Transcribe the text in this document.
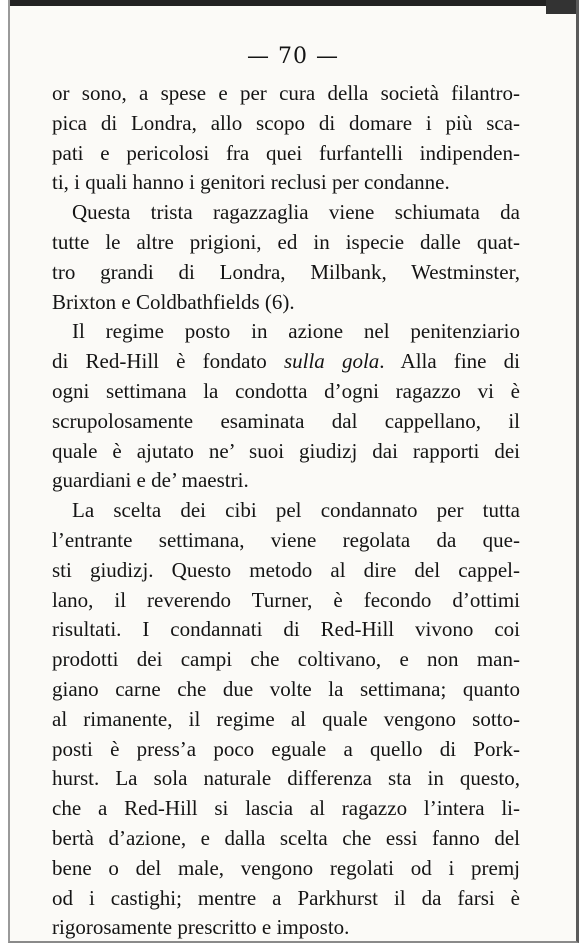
— 70 —
or sono, a spese e per cura della società filantro-
pica di Londra, allo scopo di domare i più sca-
pati e pericolosi fra quei furfantelli indipenden-
ti, i quali hanno i genitori reclusi per condanne.
Questa trista ragazzaglia viene schiumata da
tutte le altre prigioni, ed in ispecie dalle quat-
tro grandi di Londra, Milbank, Westminster,
Brixton e Coldbathfields (6).
Il regime posto in azione nel penitenziario
di Red-Hill è fondato sulla gola. Alla fine di
ogni settimana la condotta d’ogni ragazzo vi è
scrupolosamente esaminata dal cappellano, il
quale è ajutato ne’ suoi giudizj dai rapporti dei
guardiani e de’ maestri.
La scelta dei cibi pel condannato per tutta
l’entrante settimana, viene regolata da que-
sti giudizj. Questo metodo al dire del cappel-
lano, il reverendo Turner, è fecondo d’ottimi
risultati. I condannati di Red-Hill vivono coi
prodotti dei campi che coltivano, e non man-
giano carne che due volte la settimana; quanto
al rimanente, il regime al quale vengono sotto-
posti è press’a poco eguale a quello di Pork-
hurst. La sola naturale differenza sta in questo,
che a Red-Hill si lascia al ragazzo l’intera li-
bertà d’azione, e dalla scelta che essi fanno del
bene o del male, vengono regolati od i premj
od i castighi; mentre a Parkhurst il da farsi è
rigorosamente prescritto e imposto.
